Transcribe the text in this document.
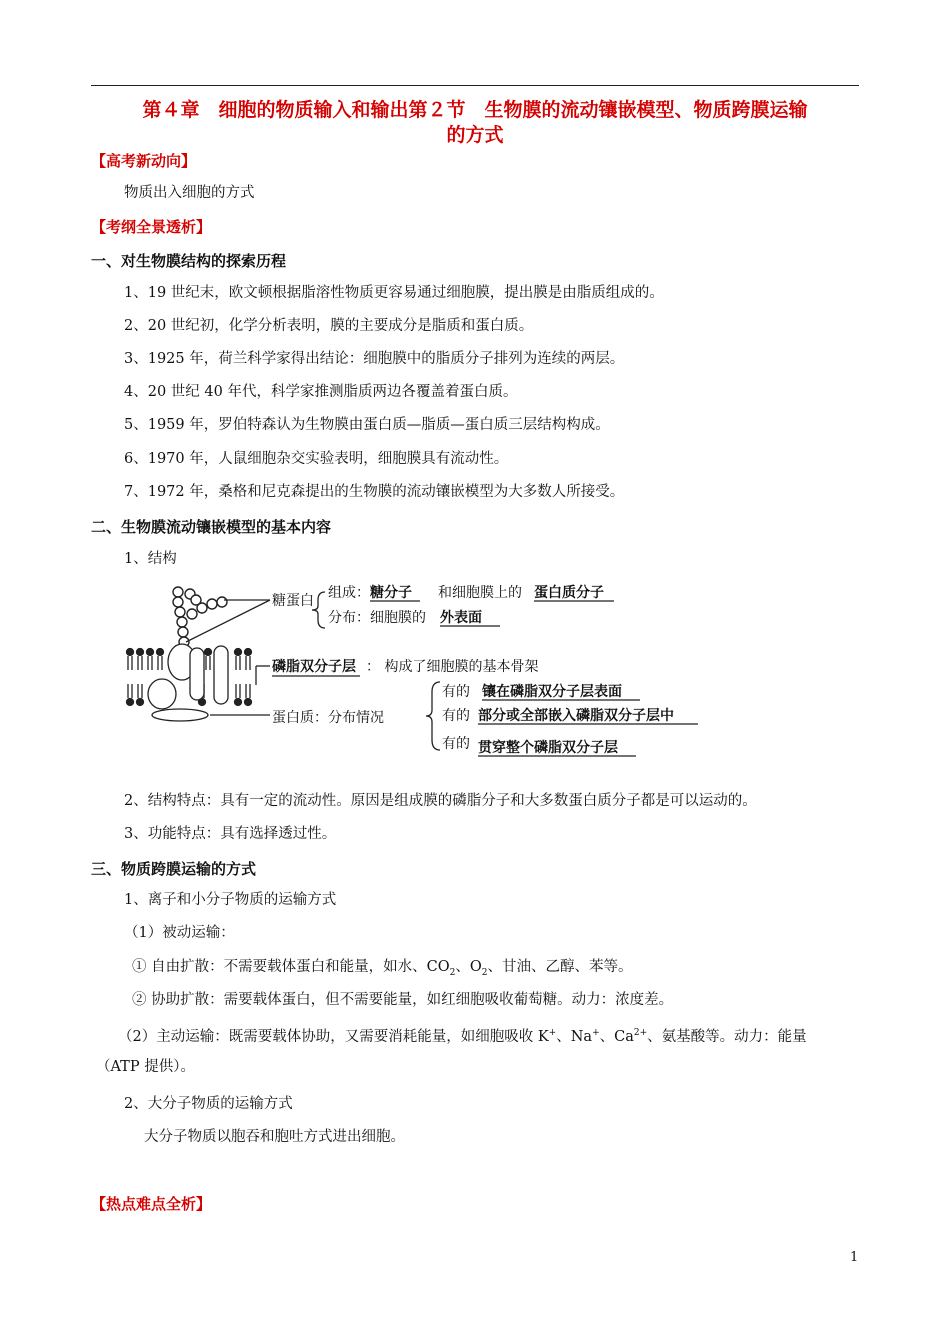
第４章　细胞的物质输入和输出第２节　生物膜的流动镶嵌模型、物质跨膜运输
的方式
【高考新动向】
物质出入细胞的方式
【考纲全景透析】
一、对生物膜结构的探索历程
1、19 世纪末，欧文顿根据脂溶性物质更容易通过细胞膜，提出膜是由脂质组成的。
2、20 世纪初，化学分析表明，膜的主要成分是脂质和蛋白质。
3、1925 年，荷兰科学家得出结论：细胞膜中的脂质分子排列为连续的两层。
4、20 世纪 40 年代，科学家推测脂质两边各覆盖着蛋白质。
5、1959 年，罗伯特森认为生物膜由蛋白质—脂质—蛋白质三层结构构成。
6、1970 年，人鼠细胞杂交实验表明，细胞膜具有流动性。
7、1972 年，桑格和尼克森提出的生物膜的流动镶嵌模型为大多数人所接受。
二、生物膜流动镶嵌模型的基本内容
1、结构
糖蛋白 组成： 糖分子 和细胞膜上的 蛋白质分子
分布： 细胞膜的 外表面
磷脂双分子层 ： 构成了细胞膜的基本骨架
蛋白质：分布情况
有的 镶在磷脂双分子层表面
有的 部分或全部嵌入磷脂双分子层中
有的 贯穿整个磷脂双分子层
2、结构特点：具有一定的流动性。原因是组成膜的磷脂分子和大多数蛋白质分子都是可以运动的。
3、功能特点：具有选择透过性。
三、物质跨膜运输的方式
1、离子和小分子物质的运输方式
（1）被动运输：
① 自由扩散：不需要载体蛋白和能量，如水、$CO_2$、$O_2$、甘油、乙醇、苯等。
② 协助扩散：需要载体蛋白，但不需要能量，如红细胞吸收葡萄糖。动力：浓度差。
（2）主动运输：既需要载体协助，又需要消耗能量，如细胞吸收 K+、Na+、$Ca^{2+}$、氨基酸等。动力：能量
（ATP 提供）。
2、大分子物质的运输方式
大分子物质以胞吞和胞吐方式进出细胞。
【热点难点全析】
1
